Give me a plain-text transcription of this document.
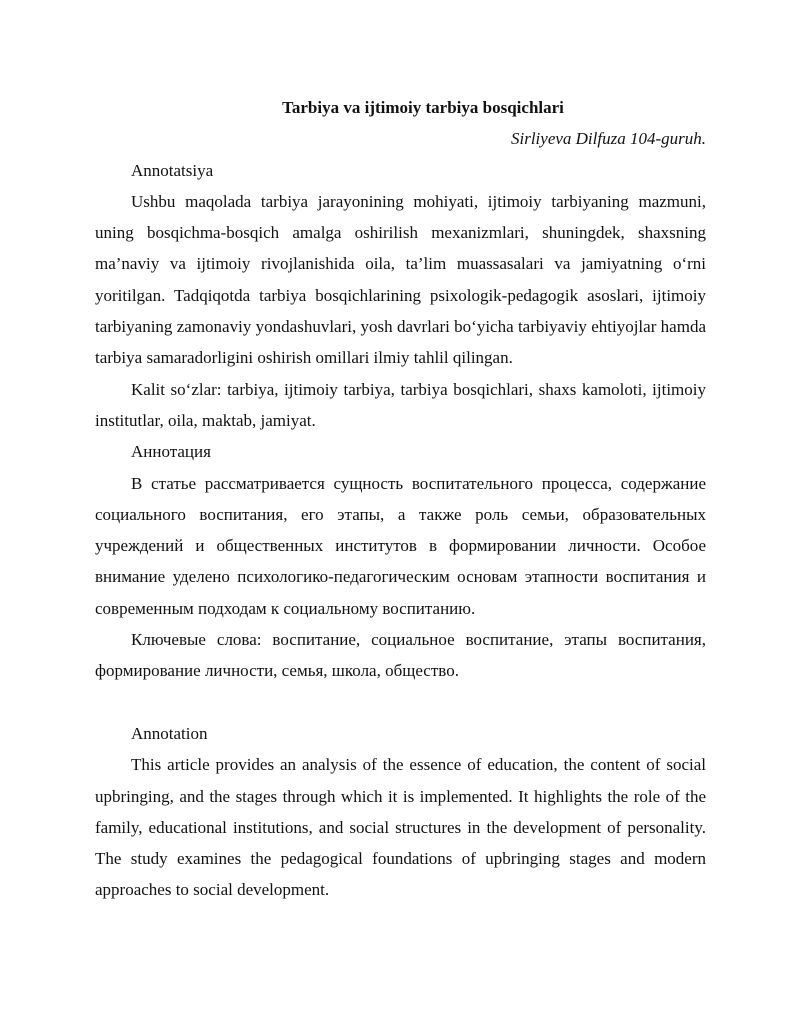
Tarbiya va ijtimoiy tarbiya bosqichlari

Sirliyeva Dilfuza 104-guruh.

Annotatsiya

Ushbu maqolada tarbiya jarayonining mohiyati, ijtimoiy tarbiyaning mazmuni, uning bosqichma-bosqich amalga oshirilish mexanizmlari, shuningdek, shaxsning ma’naviy va ijtimoiy rivojlanishida oila, ta’lim muassasalari va jamiyatning o‘rni yoritilgan. Tadqiqotda tarbiya bosqichlarining psixologik-pedagogik asoslari, ijtimoiy tarbiyaning zamonaviy yondashuvlari, yosh davrlari bo‘yicha tarbiyaviy ehtiyojlar hamda tarbiya samaradorligini oshirish omillari ilmiy tahlil qilingan.

Kalit so‘zlar: tarbiya, ijtimoiy tarbiya, tarbiya bosqichlari, shaxs kamoloti, ijtimoiy institutlar, oila, maktab, jamiyat.

Аннотация

В статье рассматривается сущность воспитательного процесса, содержание социального воспитания, его этапы, а также роль семьи, образовательных учреждений и общественных институтов в формировании личности. Особое внимание уделено психологико-педагогическим основам этапности воспитания и современным подходам к социальному воспитанию.

Ключевые слова: воспитание, социальное воспитание, этапы воспитания, формирование личности, семья, школа, общество.

Annotation

This article provides an analysis of the essence of education, the content of social upbringing, and the stages through which it is implemented. It highlights the role of the family, educational institutions, and social structures in the development of personality. The study examines the pedagogical foundations of upbringing stages and modern approaches to social development.
